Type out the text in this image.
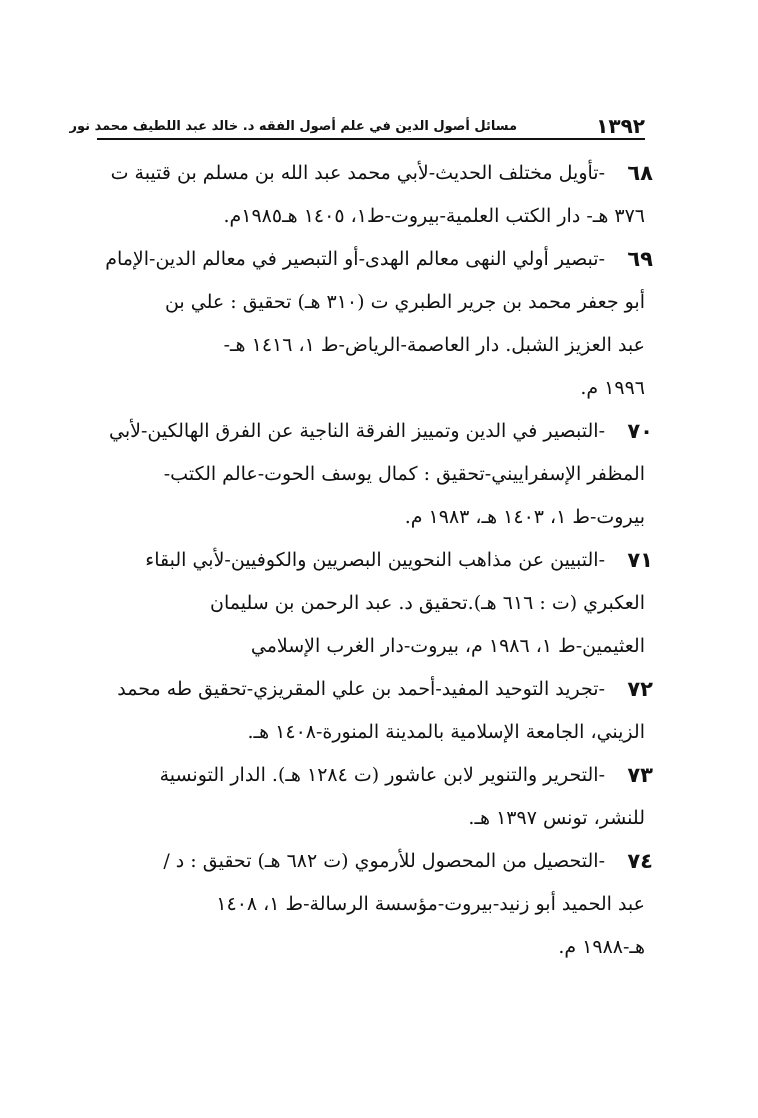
١٣٩٢
مسائل أصول الدين في علم أصول الفقه د. خالد عبد اللطيف محمد نور
٦٨
-تأويل مختلف الحديث-لأبي محمد عبد الله بن مسلم بن قتيبة ت
٣٧٦ هـ- دار الكتب العلمية-بيروت-ط١، ١٤٠٥ هـ١٩٨٥م.
٦٩
-تبصير أولي النهى معالم الهدى-أو التبصير في معالم الدين-الإمام
أبو جعفر محمد بن جرير الطبري ت (٣١٠ هـ) تحقيق : علي بن
عبد العزيز الشبل. دار العاصمة-الرياض-ط ١، ١٤١٦ هـ-
١٩٩٦ م.
٧٠
-التبصير في الدين وتمييز الفرقة الناجية عن الفرق الهالكين-لأبي
المظفر الإسفراييني-تحقيق : كمال يوسف الحوت-عالم الكتب-
بيروت-ط ١، ١٤٠٣ هـ، ١٩٨٣ م.
٧١
-التبيين عن مذاهب النحويين البصريين والكوفيين-لأبي البقاء
العكبري (ت : ٦١٦ هـ).تحقيق د. عبد الرحمن بن سليمان
العثيمين-ط ١، ١٩٨٦ م، بيروت-دار الغرب الإسلامي
٧٢
-تجريد التوحيد المفيد-أحمد بن علي المقريزي-تحقيق طه محمد
الزيني، الجامعة الإسلامية بالمدينة المنورة-١٤٠٨ هـ.
٧٣
-التحرير والتنوير لابن عاشور (ت ١٢٨٤ هـ). الدار التونسية
للنشر، تونس ١٣٩٧ هـ.
٧٤
-التحصيل من المحصول للأرموي (ت ٦٨٢ هـ) تحقيق : د /
عبد الحميد أبو زنيد-بيروت-مؤسسة الرسالة-ط ١، ١٤٠٨
هـ-١٩٨٨ م.
